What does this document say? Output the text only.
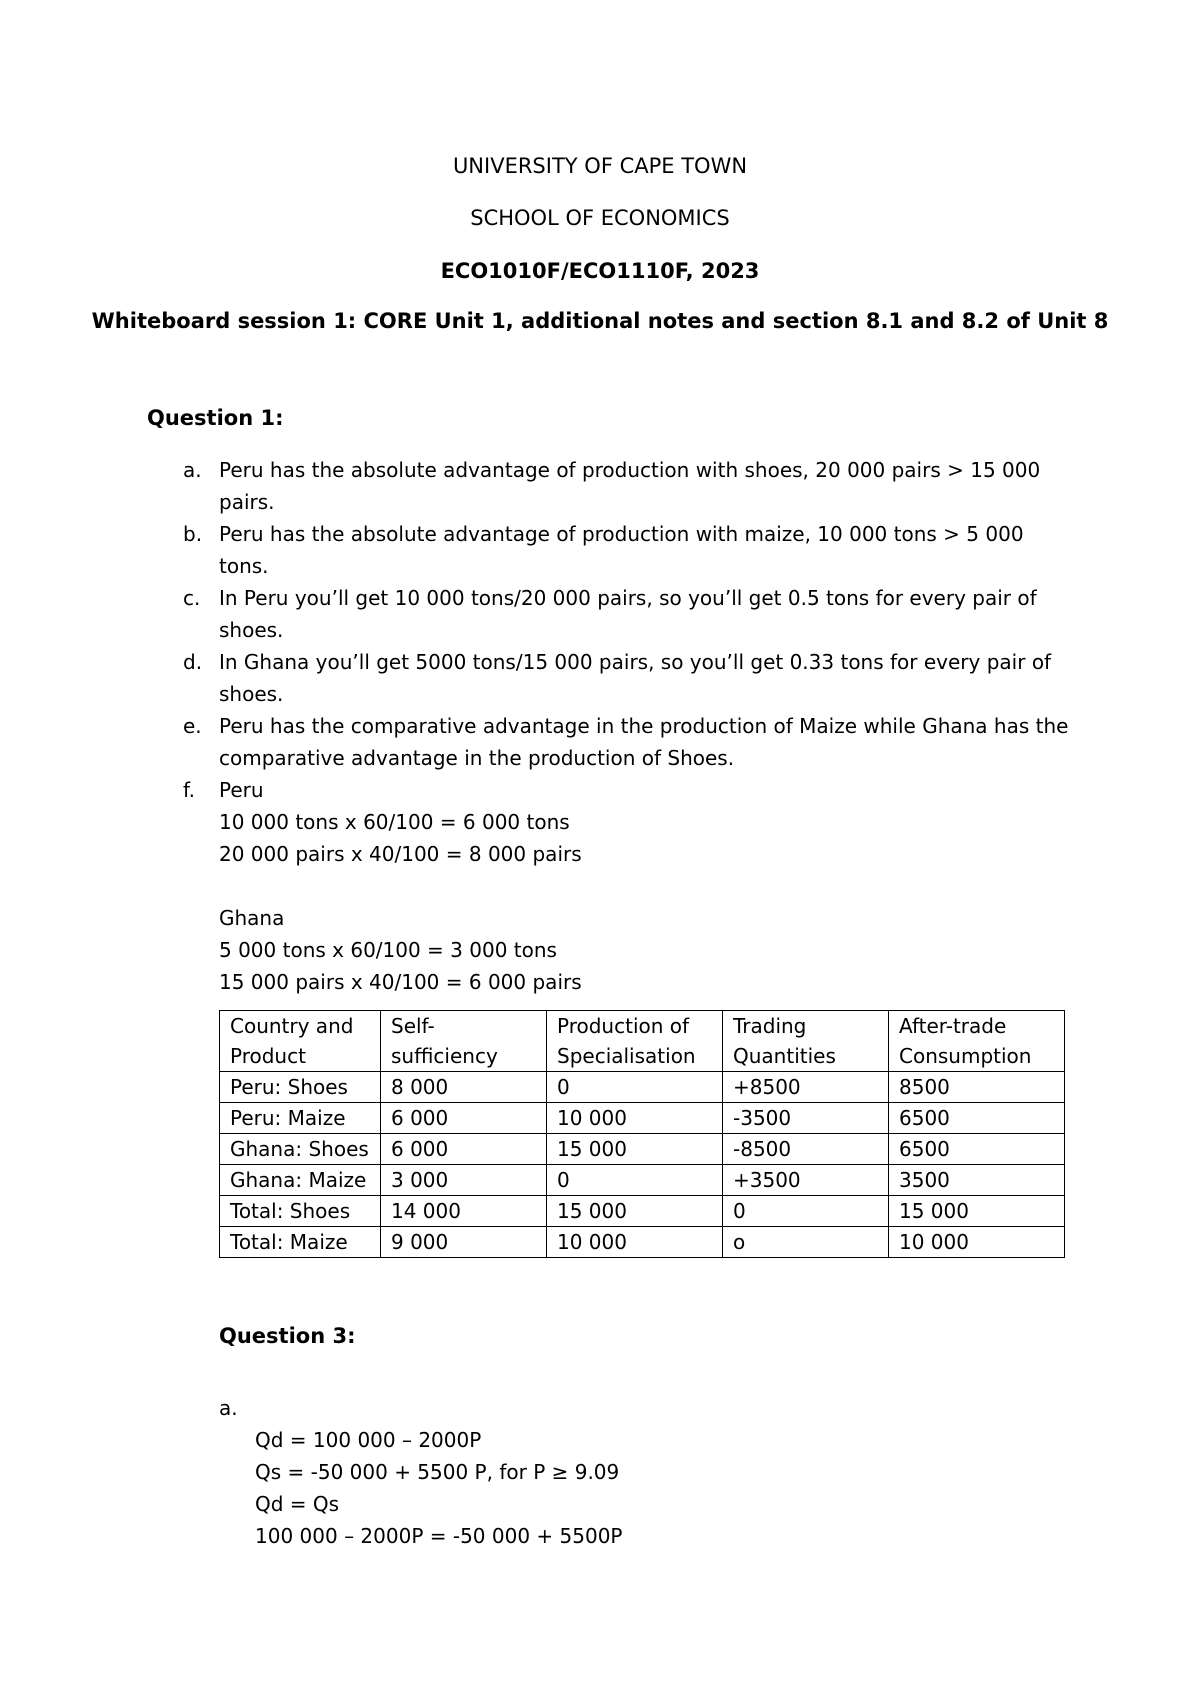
UNIVERSITY OF CAPE TOWN
SCHOOL OF ECONOMICS
ECO1010F/ECO1110F, 2023
Whiteboard session 1: CORE Unit 1, additional notes and section 8.1 and 8.2 of Unit 8
Question 1:
a. Peru has the absolute advantage of production with shoes, 20 000 pairs > 15 000 pairs.
b. Peru has the absolute advantage of production with maize, 10 000 tons > 5 000 tons.
c. In Peru you’ll get 10 000 tons/20 000 pairs, so you’ll get 0.5 tons for every pair of shoes.
d. In Ghana you’ll get 5000 tons/15 000 pairs, so you’ll get 0.33 tons for every pair of shoes.
e. Peru has the comparative advantage in the production of Maize while Ghana has the comparative advantage in the production of Shoes.
f. Peru
10 000 tons x 60/100 = 6 000 tons
20 000 pairs x 40/100 = 8 000 pairs
Ghana
5 000 tons x 60/100 = 3 000 tons
15 000 pairs x 40/100 = 6 000 pairs
Country and Product	Self-sufficiency	Production of Specialisation	Trading Quantities	After-trade Consumption
Peru: Shoes	8 000	0	+8500	8500
Peru: Maize	6 000	10 000	-3500	6500
Ghana: Shoes	6 000	15 000	-8500	6500
Ghana: Maize	3 000	0	+3500	3500
Total: Shoes	14 000	15 000	0	15 000
Total: Maize	9 000	10 000	o	10 000
Question 3:
a.
Qd = 100 000 – 2000P
Qs = -50 000 + 5500 P, for P ≥ 9.09
Qd = Qs
100 000 – 2000P = -50 000 + 5500P
